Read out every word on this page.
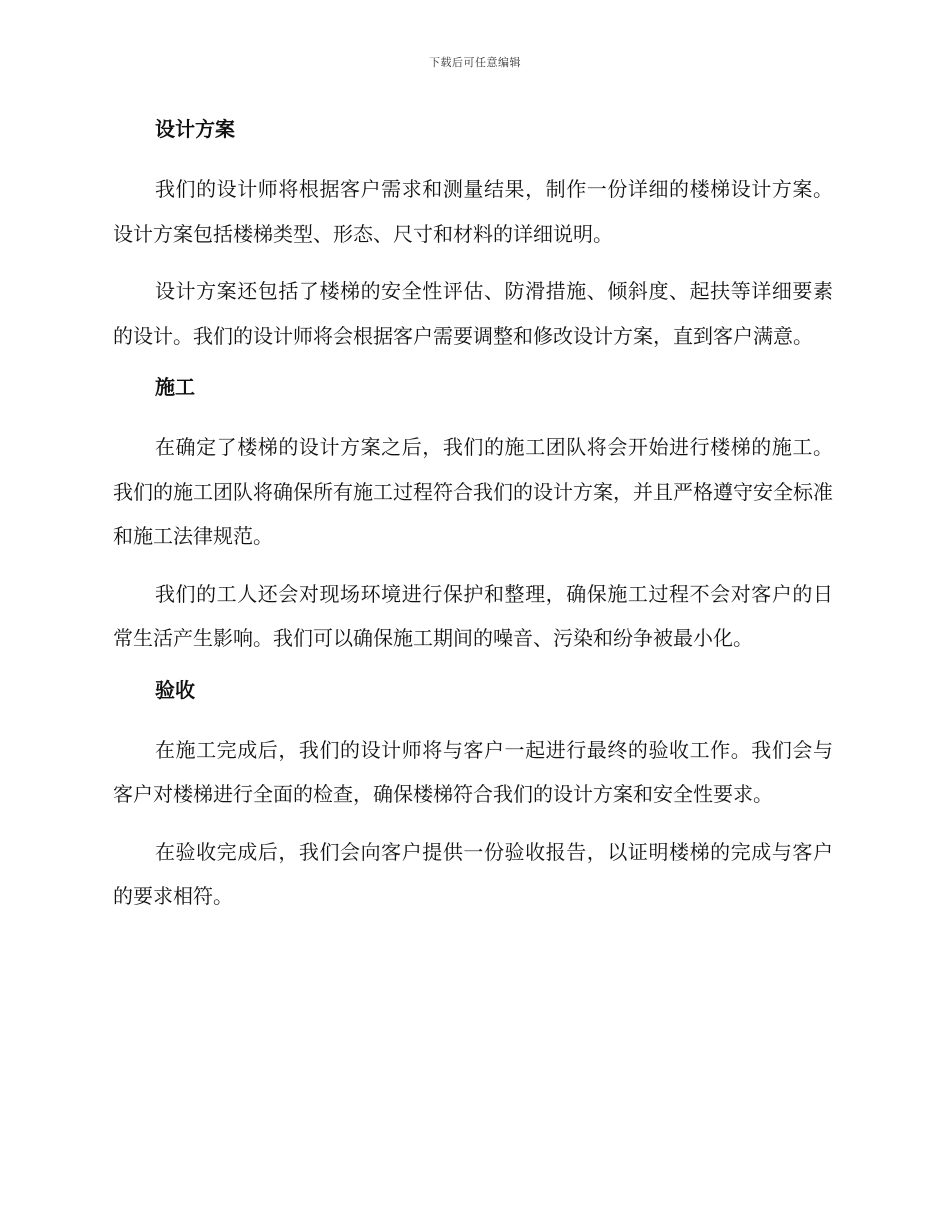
下载后可任意编辑
设计方案

我们的设计师将根据客户需求和测量结果，制作一份详细的楼梯设计方案。设计方案包括楼梯类型、形态、尺寸和材料的详细说明。

设计方案还包括了楼梯的安全性评估、防滑措施、倾斜度、起扶等详细要素的设计。我们的设计师将会根据客户需要调整和修改设计方案，直到客户满意。

施工

在确定了楼梯的设计方案之后，我们的施工团队将会开始进行楼梯的施工。我们的施工团队将确保所有施工过程符合我们的设计方案，并且严格遵守安全标准和施工法律规范。

我们的工人还会对现场环境进行保护和整理，确保施工过程不会对客户的日常生活产生影响。我们可以确保施工期间的噪音、污染和纷争被最小化。

验收

在施工完成后，我们的设计师将与客户一起进行最终的验收工作。我们会与客户对楼梯进行全面的检查，确保楼梯符合我们的设计方案和安全性要求。

在验收完成后，我们会向客户提供一份验收报告，以证明楼梯的完成与客户的要求相符。
